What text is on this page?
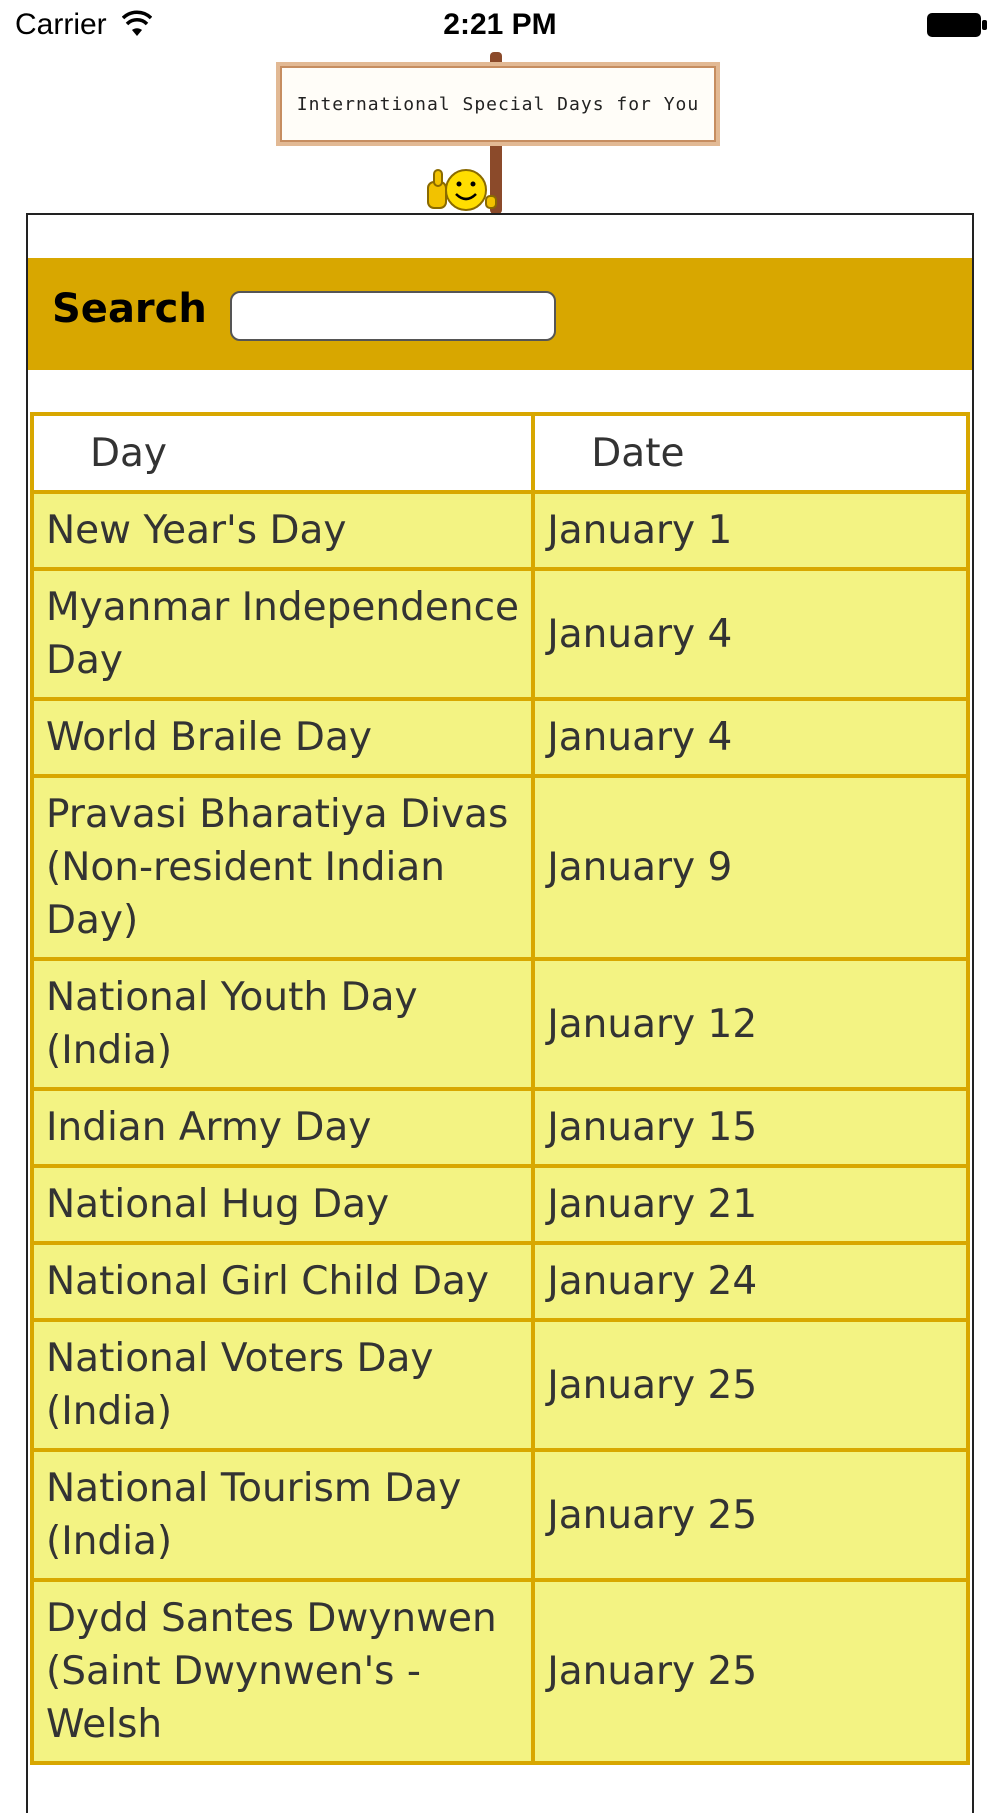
Carrier	2:21 PM
International Special Days for You
Search
Day	Date
New Year's Day	January 1
Myanmar Independence Day	January 4
World Braile Day	January 4
Pravasi Bharatiya Divas (Non-resident Indian Day)	January 9
National Youth Day (India)	January 12
Indian Army Day	January 15
National Hug Day	January 21
National Girl Child Day	January 24
National Voters Day (India)	January 25
National Tourism Day (India)	January 25
Dydd Santes Dwynwen (Saint Dwynwen's - Welsh	January 25
